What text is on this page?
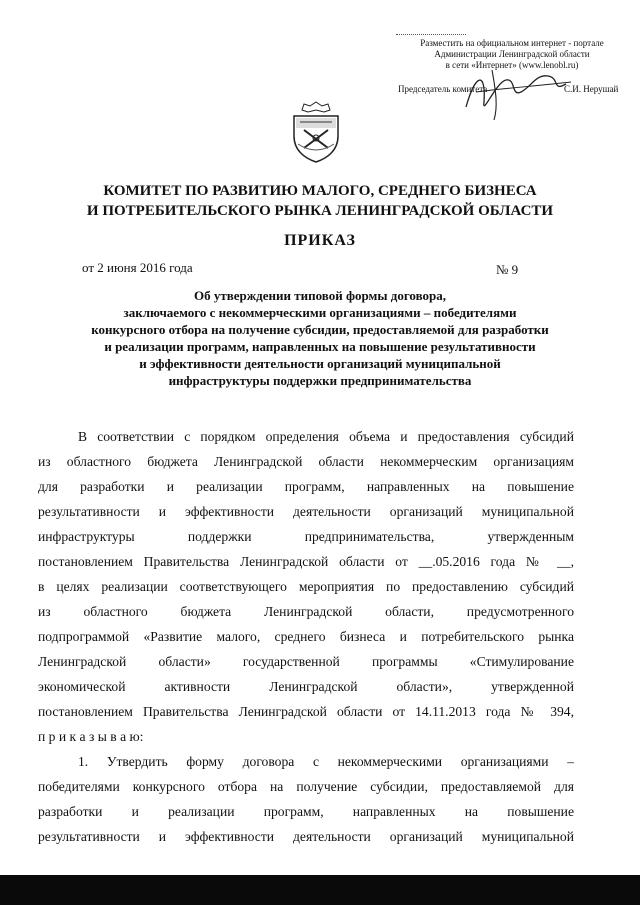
Разместить на официальном интернет - портале
Администрации Ленинградской области
в сети «Интернет» (www.lenobl.ru)
Председатель комитета	С.И. Нерушай
КОМИТЕТ ПО РАЗВИТИЮ МАЛОГО, СРЕДНЕГО БИЗНЕСА
И ПОТРЕБИТЕЛЬСКОГО РЫНКА ЛЕНИНГРАДСКОЙ ОБЛАСТИ
ПРИКАЗ
от 2 июня 2016 года	№ 9
Об утверждении типовой формы договора,
заключаемого с некоммерческими организациями – победителями
конкурсного отбора на получение субсидии, предоставляемой для разработки
и реализации программ, направленных на повышение результативности
и эффективности деятельности организаций муниципальной
инфраструктуры поддержки предпринимательства
В соответствии с порядком определения объема и предоставления субсидий
из областного бюджета Ленинградской области некоммерческим организациям
для разработки и реализации программ, направленных на повышение
результативности и эффективности деятельности организаций муниципальной
инфраструктуры поддержки предпринимательства, утвержденным
постановлением Правительства Ленинградской области от __.05.2016 года № __,
в целях реализации соответствующего мероприятия по предоставлению субсидий
из областного бюджета Ленинградской области, предусмотренного
подпрограммой «Развитие малого, среднего бизнеса и потребительского рынка
Ленинградской области» государственной программы «Стимулирование
экономической активности Ленинградской области», утвержденной
постановлением Правительства Ленинградской области от 14.11.2013 года № 394,
п р и к а з ы в а ю:
1. Утвердить форму договора с некоммерческими организациями –
победителями конкурсного отбора на получение субсидии, предоставляемой для
разработки и реализации программ, направленных на повышение
результативности и эффективности деятельности организаций муниципальной
